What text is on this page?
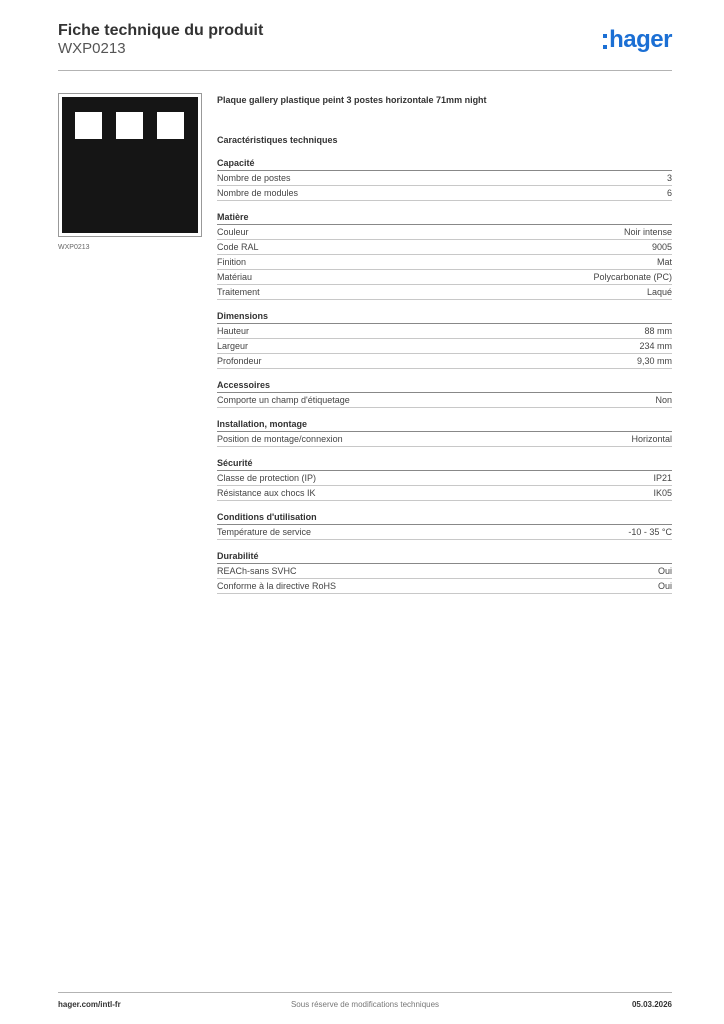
Fiche technique du produit
WXP0213	hager
WXP0213
Plaque gallery plastique peint 3 postes horizontale 71mm night
Caractéristiques techniques
Capacité
Nombre de postes	3
Nombre de modules	6
Matière
Couleur	Noir intense
Code RAL	9005
Finition	Mat
Matériau	Polycarbonate (PC)
Traitement	Laqué
Dimensions
Hauteur	88 mm
Largeur	234 mm
Profondeur	9,30 mm
Accessoires
Comporte un champ d'étiquetage	Non
Installation, montage
Position de montage/connexion	Horizontal
Sécurité
Classe de protection (IP)	IP21
Résistance aux chocs IK	IK05
Conditions d'utilisation
Température de service	-10 - 35 °C
Durabilité
REACh-sans SVHC	Oui
Conforme à la directive RoHS	Oui
hager.com/intl-fr	Sous réserve de modifications techniques	05.03.2026
